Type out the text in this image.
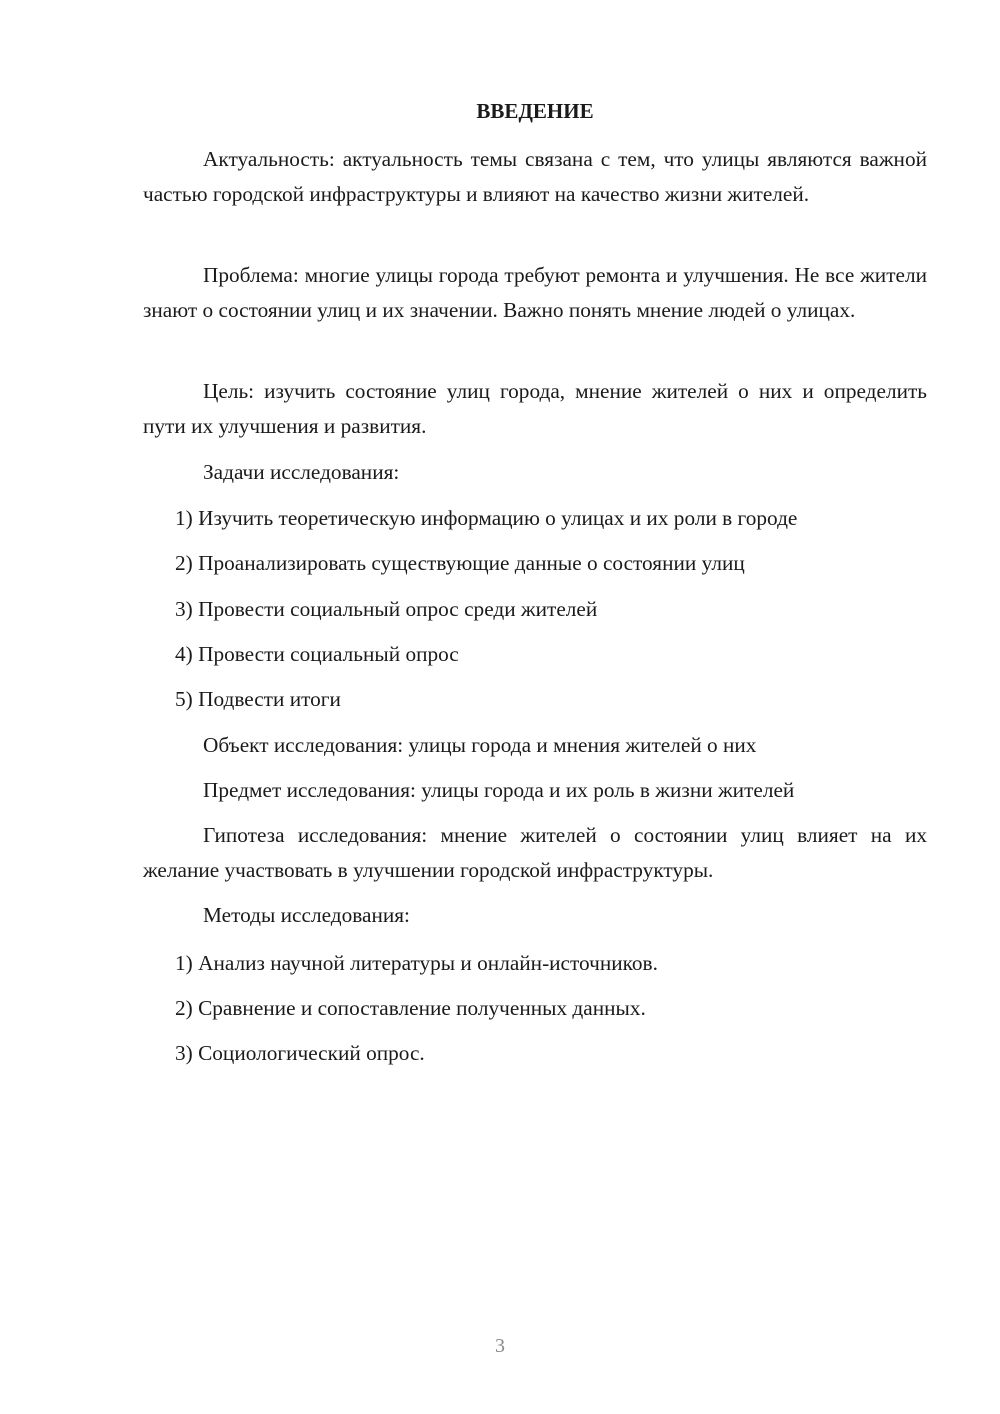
ВВЕДЕНИЕ
Актуальность: актуальность темы связана с тем, что улицы являются важной частью городской инфраструктуры и влияют на качество жизни жителей.
Проблема: многие улицы города требуют ремонта и улучшения. Не все жители знают о состоянии улиц и их значении. Важно понять мнение людей о улицах.
Цель: изучить состояние улиц города, мнение жителей о них и определить пути их улучшения и развития.
Задачи исследования:
1) Изучить теоретическую информацию о улицах и их роли в городе
2) Проанализировать существующие данные о состоянии улиц
3) Провести социальный опрос среди жителей
4) Провести социальный опрос
5) Подвести итоги
Объект исследования: улицы города и мнения жителей о них
Предмет исследования: улицы города и их роль в жизни жителей
Гипотеза исследования: мнение жителей о состоянии улиц влияет на их желание участвовать в улучшении городской инфраструктуры.
Методы исследования:
1) Анализ научной литературы и онлайн-источников.
2) Сравнение и сопоставление полученных данных.
3) Социологический опрос.
3
